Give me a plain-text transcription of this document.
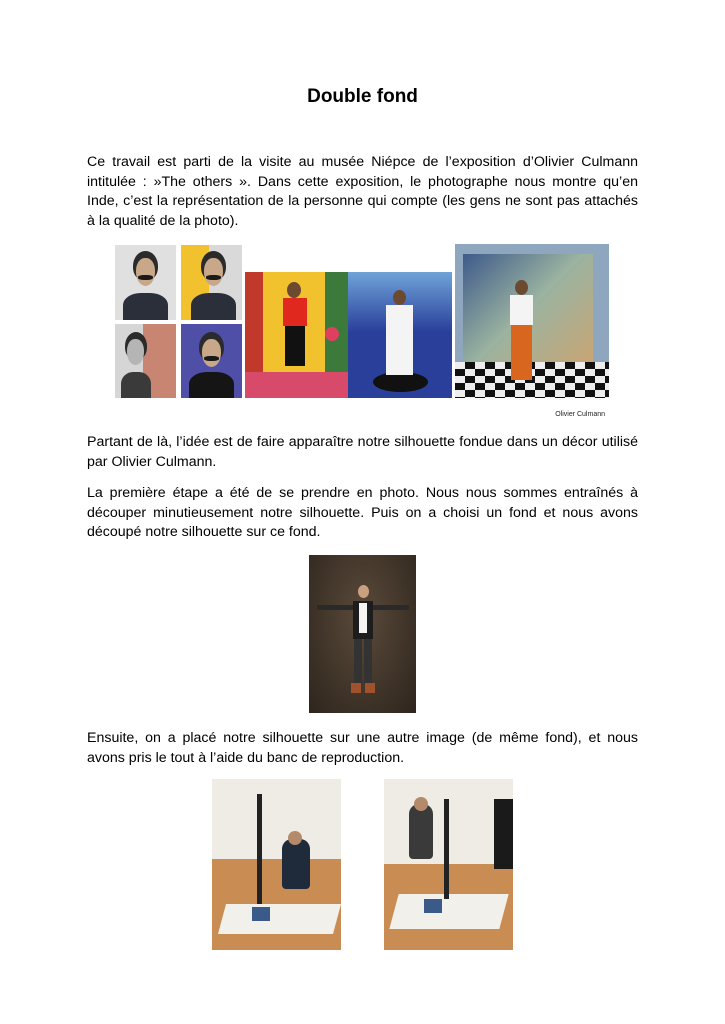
Double fond

Ce travail est parti de la visite au musée Niépce de l’exposition d’Olivier Culmann intitulée : »The others ». Dans cette exposition, le photographe nous montre qu’en Inde, c’est la représentation de la personne qui compte (les gens ne sont pas attachés à la qualité de la photo).

Olivier Culmann

Partant de là, l’idée est de faire apparaître notre silhouette fondue dans un décor utilisé par Olivier Culmann.

La première étape a été de se prendre en photo. Nous nous sommes entraînés à découper minutieusement notre silhouette. Puis on a choisi un fond et nous avons découpé notre silhouette sur ce fond.

Ensuite, on a placé notre silhouette sur une autre image (de même fond), et nous avons pris le tout à l’aide du banc de reproduction.
